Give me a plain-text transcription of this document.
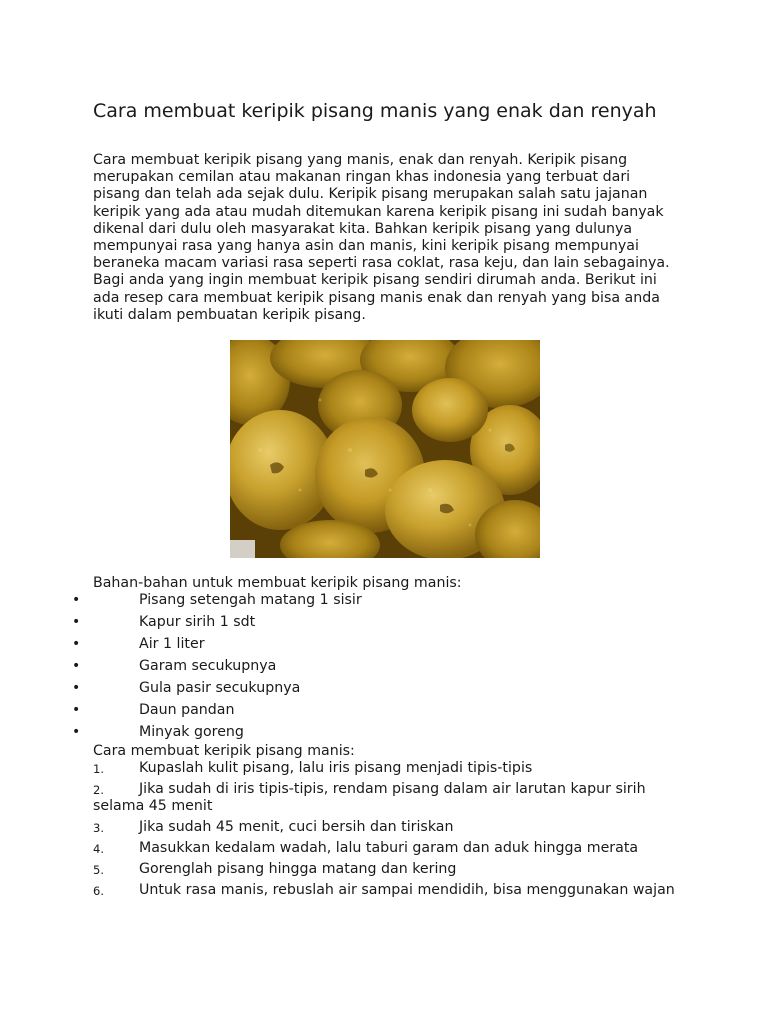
Cara membuat keripik pisang manis yang enak dan renyah

Cara membuat keripik pisang yang manis, enak dan renyah. Keripik pisang merupakan cemilan atau makanan ringan khas indonesia yang terbuat dari pisang dan telah ada sejak dulu. Keripik pisang merupakan salah satu jajanan keripik yang ada atau mudah ditemukan karena keripik pisang ini sudah banyak dikenal dari dulu oleh masyarakat kita. Bahkan keripik pisang yang dulunya mempunyai rasa yang hanya asin dan manis, kini keripik pisang mempunyai beraneka macam variasi rasa seperti rasa coklat, rasa keju, dan lain sebagainya. Bagi anda yang ingin membuat keripik pisang sendiri dirumah anda. Berikut ini ada resep cara membuat keripik pisang manis enak dan renyah yang bisa anda ikuti dalam pembuatan keripik pisang.

Bahan-bahan untuk membuat keripik pisang manis:
•	Pisang setengah matang 1 sisir
•	Kapur sirih 1 sdt
•	Air 1 liter
•	Garam secukupnya
•	Gula pasir secukupnya
•	Daun pandan
•	Minyak goreng
Cara membuat keripik pisang manis:
1.	Kupaslah kulit pisang, lalu iris pisang menjadi tipis-tipis
2.	Jika sudah di iris tipis-tipis, rendam pisang dalam air larutan kapur sirih selama 45 menit
3.	Jika sudah 45 menit, cuci bersih dan tiriskan
4.	Masukkan kedalam wadah, lalu taburi garam dan aduk hingga merata
5.	Gorenglah pisang hingga matang dan kering
6.	Untuk rasa manis, rebuslah air sampai mendidih, bisa menggunakan wajan
